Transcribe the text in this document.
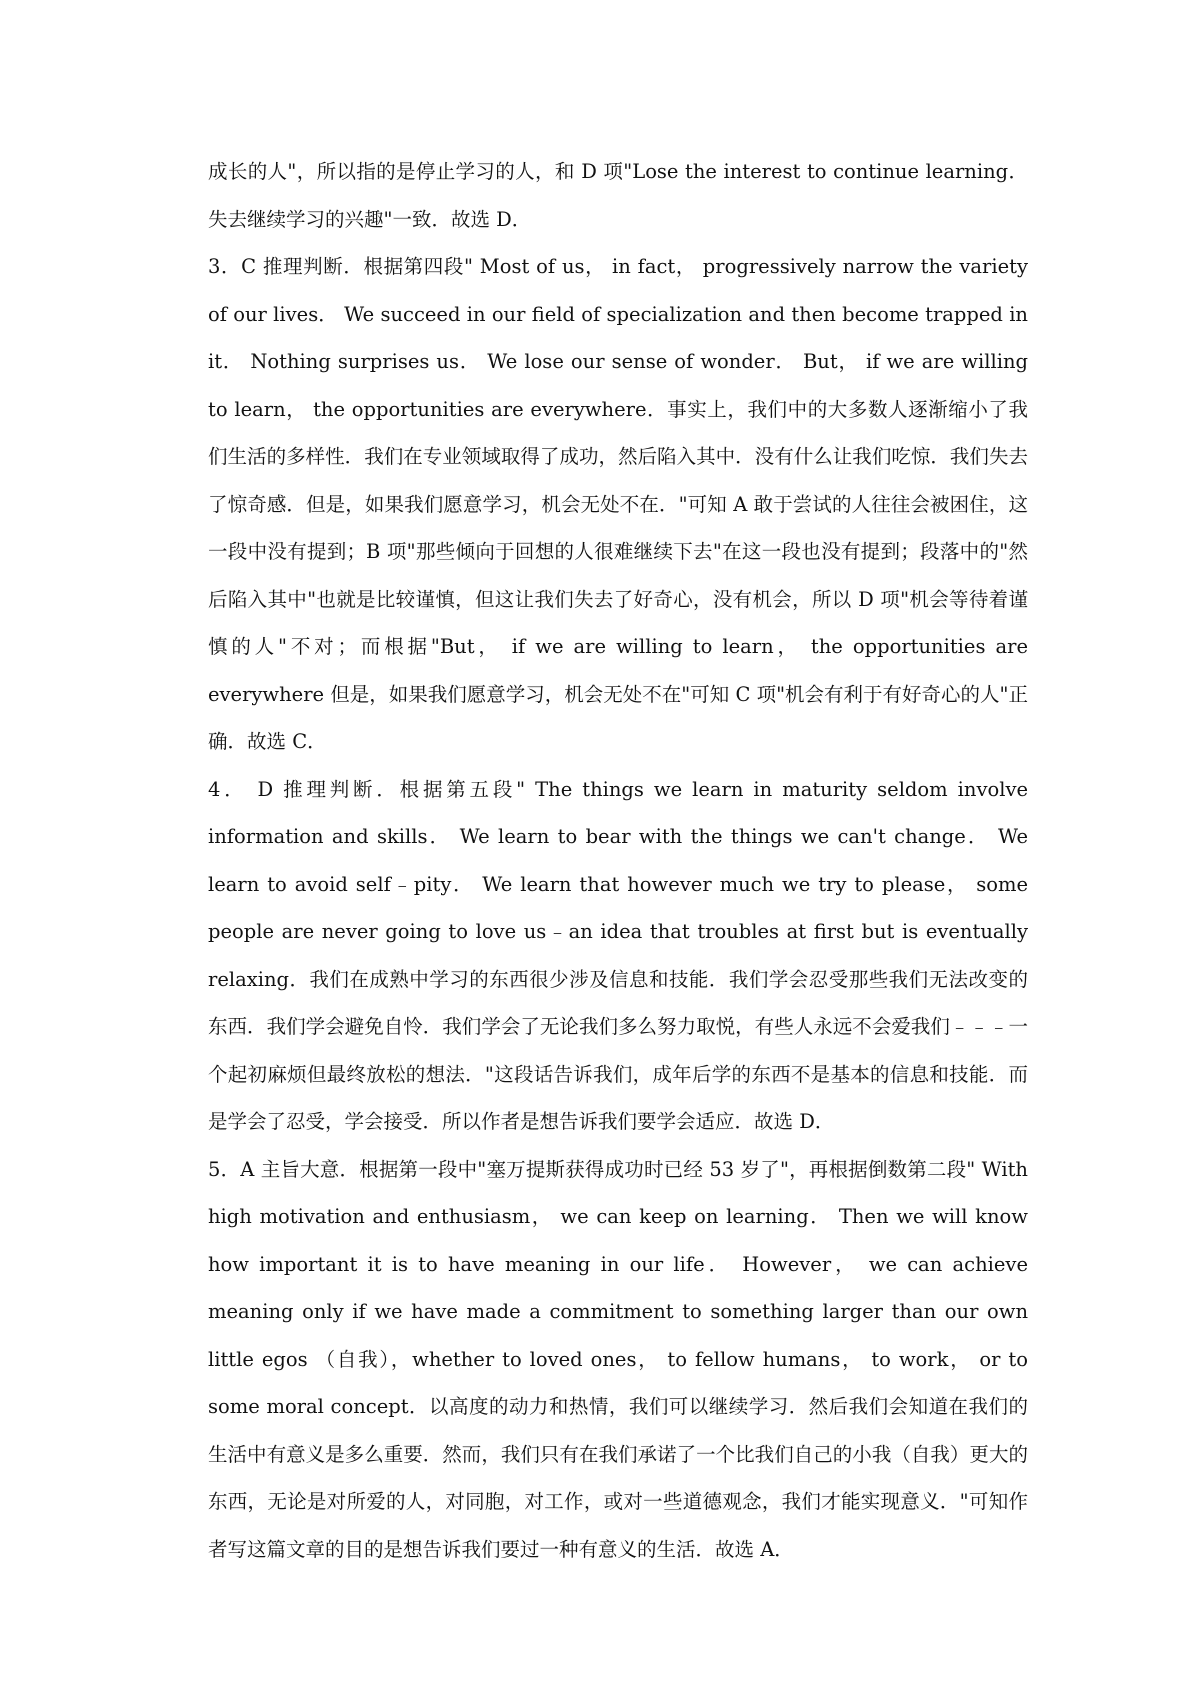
成长的人"，所以指的是停止学习的人，和 D 项"Lose the interest to continue learning．失去继续学习的兴趣"一致．故选 D．

3．C 推理判断．根据第四段" Most of us， in fact， progressively narrow the variety of our lives． We succeed in our field of specialization and then become trapped in it． Nothing surprises us． We lose our sense of wonder． But， if we are willing to learn， the opportunities are everywhere．事实上，我们中的大多数人逐渐缩小了我们生活的多样性．我们在专业领域取得了成功，然后陷入其中．没有什么让我们吃惊．我们失去了惊奇感．但是，如果我们愿意学习，机会无处不在．"可知 A 敢于尝试的人往往会被困住，这一段中没有提到；B 项"那些倾向于回想的人很难继续下去"在这一段也没有提到；段落中的"然后陷入其中"也就是比较谨慎，但这让我们失去了好奇心，没有机会，所以 D 项"机会等待着谨慎的人"不对；而根据"But， if we are willing to learn， the opportunities are everywhere 但是，如果我们愿意学习，机会无处不在"可知 C 项"机会有利于有好奇心的人"正确．故选 C．

4． D 推理判断．根据第五段" The things we learn in maturity seldom involve information and skills． We learn to bear with the things we can't change． We learn to avoid self﹣pity． We learn that however much we try to please， some people are never going to love us﹣an idea that troubles at first but is eventually relaxing．我们在成熟中学习的东西很少涉及信息和技能．我们学会忍受那些我们无法改变的东西．我们学会避免自怜．我们学会了无论我们多么努力取悦，有些人永远不会爱我们﹣﹣﹣一个起初麻烦但最终放松的想法．"这段话告诉我们，成年后学的东西不是基本的信息和技能．而是学会了忍受，学会接受．所以作者是想告诉我们要学会适应．故选 D．

5．A 主旨大意．根据第一段中"塞万提斯获得成功时已经 53 岁了"，再根据倒数第二段" With high motivation and enthusiasm， we can keep on learning． Then we will know how important it is to have meaning in our life． However， we can achieve meaning only if we have made a commitment to something larger than our own little egos （自我），whether to loved ones， to fellow humans， to work， or to some moral concept．以高度的动力和热情，我们可以继续学习．然后我们会知道在我们的生活中有意义是多么重要．然而，我们只有在我们承诺了一个比我们自己的小我（自我）更大的东西，无论是对所爱的人，对同胞，对工作，或对一些道德观念，我们才能实现意义．"可知作者写这篇文章的目的是想告诉我们要过一种有意义的生活．故选 A．
